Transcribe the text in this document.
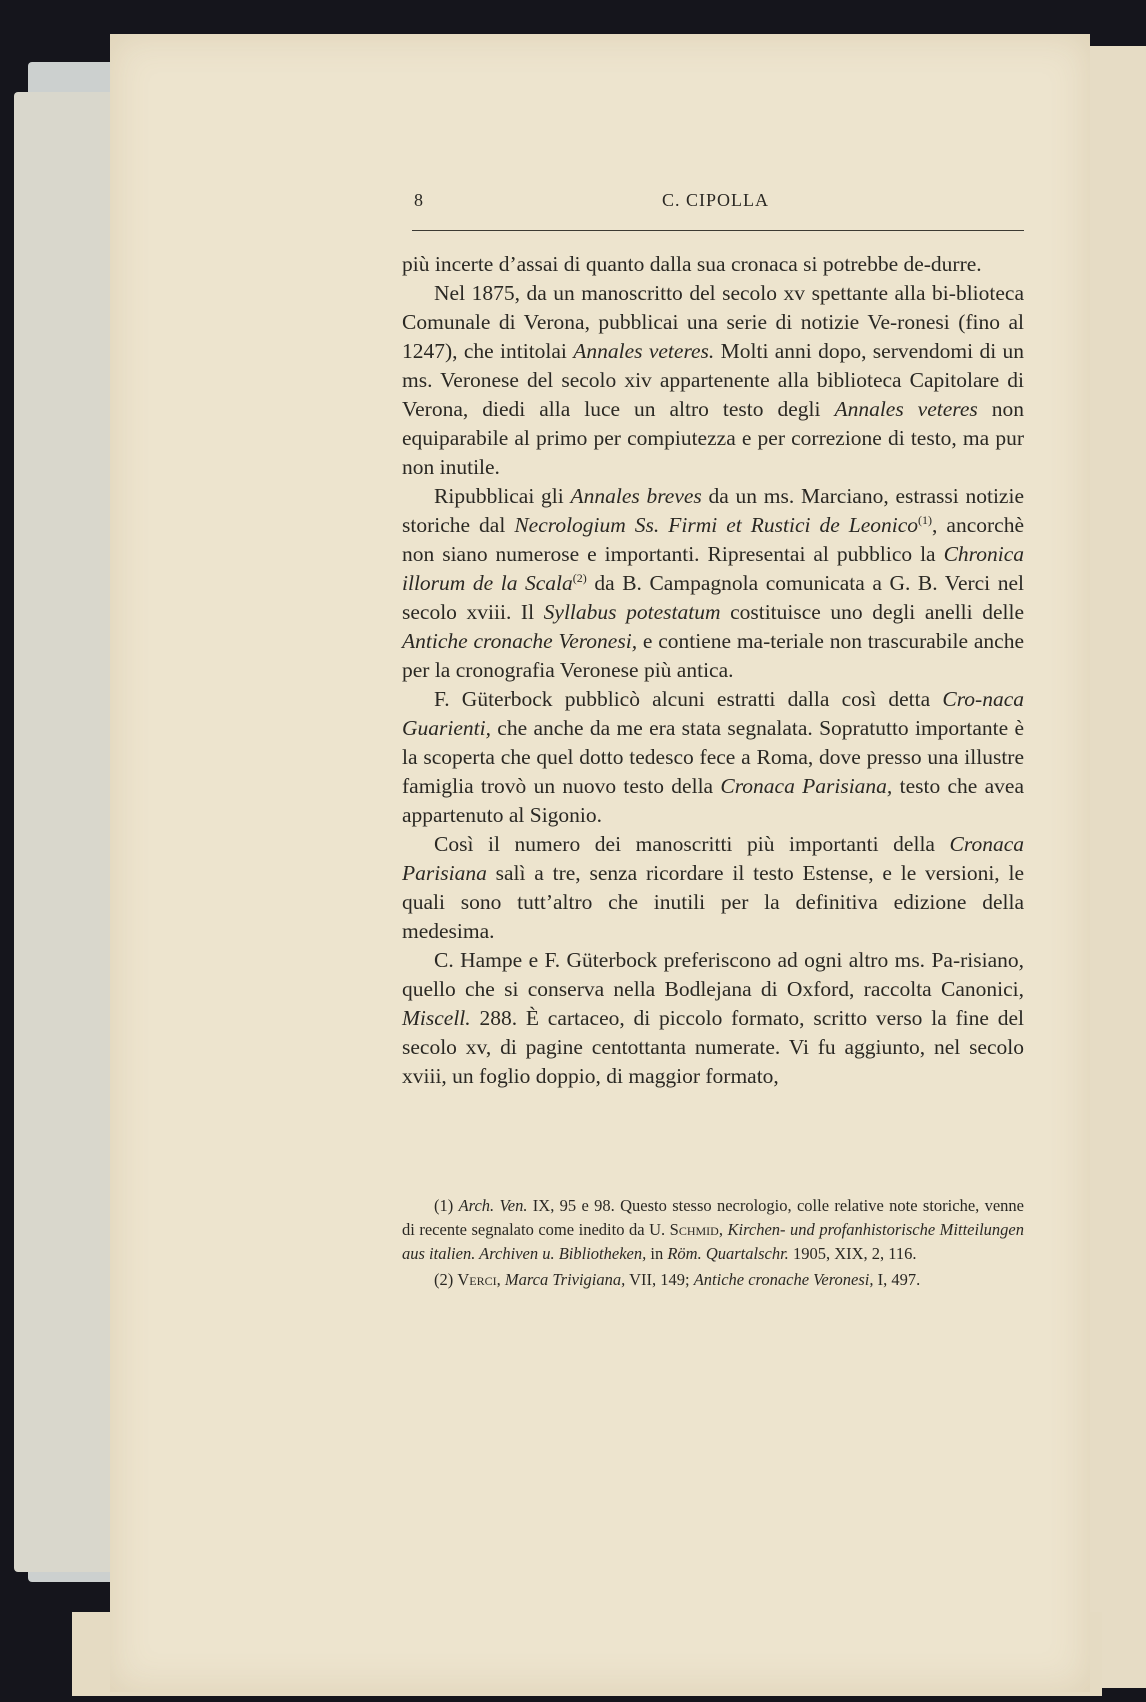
8	C. CIPOLLA

più incerte d’assai di quanto dalla sua cronaca si potrebbe de-durre.

Nel 1875, da un manoscritto del secolo xv spettante alla bi-blioteca Comunale di Verona, pubblicai una serie di notizie Ve-ronesi (fino al 1247), che intitolai Annales veteres. Molti anni dopo, servendomi di un ms. Veronese del secolo xiv appartenente alla biblioteca Capitolare di Verona, diedi alla luce un altro testo degli Annales veteres non equiparabile al primo per compiutezza e per correzione di testo, ma pur non inutile.

Ripubblicai gli Annales breves da un ms. Marciano, estrassi notizie storiche dal Necrologium Ss. Firmi et Rustici de Leonico$^{(1)}$, ancorchè non siano numerose e importanti. Ripresentai al pubblico la Chronica illorum de la Scala$^{(2)}$ da B. Campagnola comunicata a G. B. Verci nel secolo xviii. Il Syllabus potestatum costituisce uno degli anelli delle Antiche cronache Veronesi, e contiene ma-teriale non trascurabile anche per la cronografia Veronese più antica.

F. Güterbock pubblicò alcuni estratti dalla così detta Cro-naca Guarienti, che anche da me era stata segnalata. Sopratutto importante è la scoperta che quel dotto tedesco fece a Roma, dove presso una illustre famiglia trovò un nuovo testo della Cronaca Parisiana, testo che avea appartenuto al Sigonio.

Così il numero dei manoscritti più importanti della Cronaca Parisiana salì a tre, senza ricordare il testo Estense, e le versioni, le quali sono tutt’altro che inutili per la definitiva edizione della medesima.

C. Hampe e F. Güterbock preferiscono ad ogni altro ms. Pa-risiano, quello che si conserva nella Bodlejana di Oxford, raccolta Canonici, Miscell. 288. È cartaceo, di piccolo formato, scritto verso la fine del secolo xv, di pagine centottanta numerate. Vi fu aggiunto, nel secolo xviii, un foglio doppio, di maggior formato,

(1) Arch. Ven. IX, 95 e 98. Questo stesso necrologio, colle relative note storiche, venne di recente segnalato come inedito da U. Schmid, Kirchen- und profanhistorische Mitteilungen aus italien. Archiven u. Bibliotheken, in Röm. Quartalschr. 1905, XIX, 2, 116.

(2) Verci, Marca Trivigiana, VII, 149; Antiche cronache Veronesi, I, 497.
